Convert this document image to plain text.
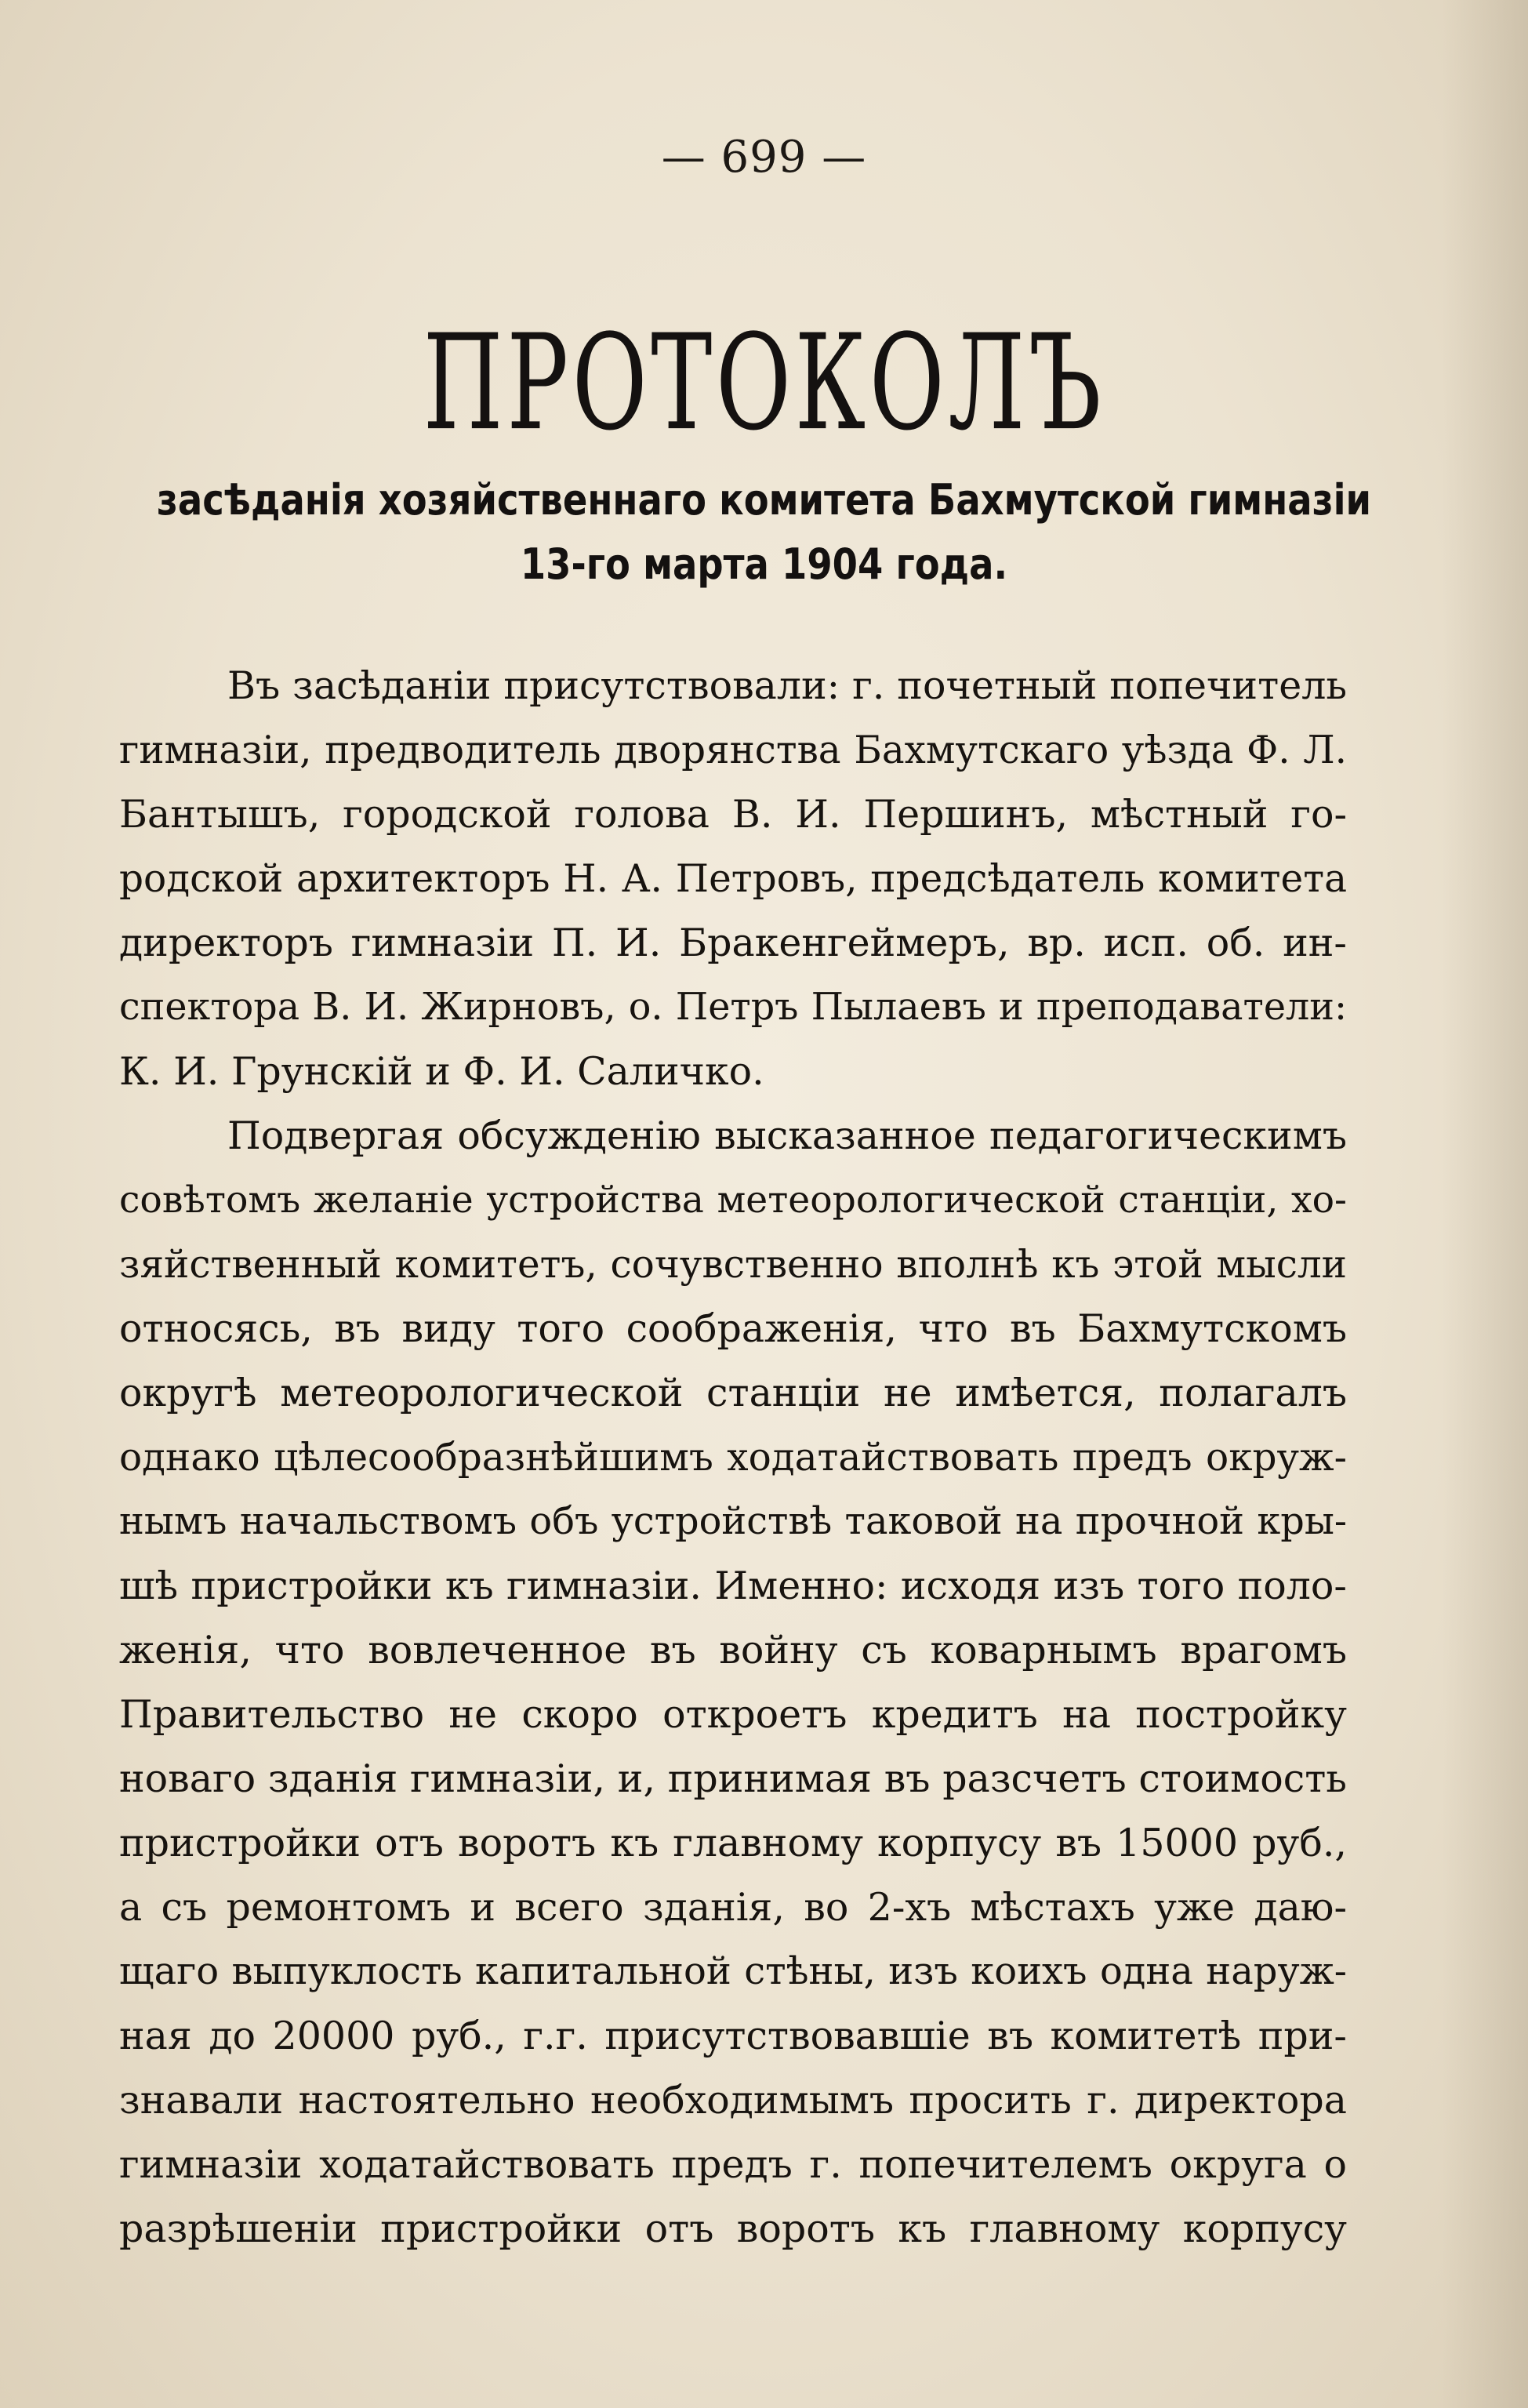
— 699 —
ПРОТОКОЛЪ
засѣданія хозяйственнаго комитета Бахмутской гимназіи
13-го марта 1904 года.
Въ засѣданіи присутствовали: г. почетный попечитель
гимназіи, предводитель дворянства Бахмутскаго уѣзда Ф. Л.
Бантышъ, городской голова В. И. Першинъ, мѣстный го-
родской архитекторъ Н. А. Петровъ, предсѣдатель комитета
директоръ гимназіи П. И. Бракенгеймеръ, вр. исп. об. ин-
спектора В. И. Жирновъ, о. Петръ Пылаевъ и преподаватели:
К. И. Грунскій и Ф. И. Саличко.
Подвергая обсужденію высказанное педагогическимъ
совѣтомъ желаніе устройства метеорологической станціи, хо-
зяйственный комитетъ, сочувственно вполнѣ къ этой мысли
относясь, въ виду того соображенія, что въ Бахмутскомъ
округѣ метеорологической станціи не имѣется, полагалъ
однако цѣлесообразнѣйшимъ ходатайствовать предъ окруж-
нымъ начальствомъ объ устройствѣ таковой на прочной кры-
шѣ пристройки къ гимназіи. Именно: исходя изъ того поло-
женія, что вовлеченное въ войну съ коварнымъ врагомъ
Правительство не скоро откроетъ кредитъ на постройку
новаго зданія гимназіи, и, принимая въ разсчетъ стоимость
пристройки отъ воротъ къ главному корпусу въ 15000 руб.,
а съ ремонтомъ и всего зданія, во 2-хъ мѣстахъ уже даю-
щаго выпуклость капитальной стѣны, изъ коихъ одна наруж-
ная до 20000 руб., г.г. присутствовавшіе въ комитетѣ при-
знавали настоятельно необходимымъ просить г. директора
гимназіи ходатайствовать предъ г. попечителемъ округа о
разрѣшеніи пристройки отъ воротъ къ главному корпусу
